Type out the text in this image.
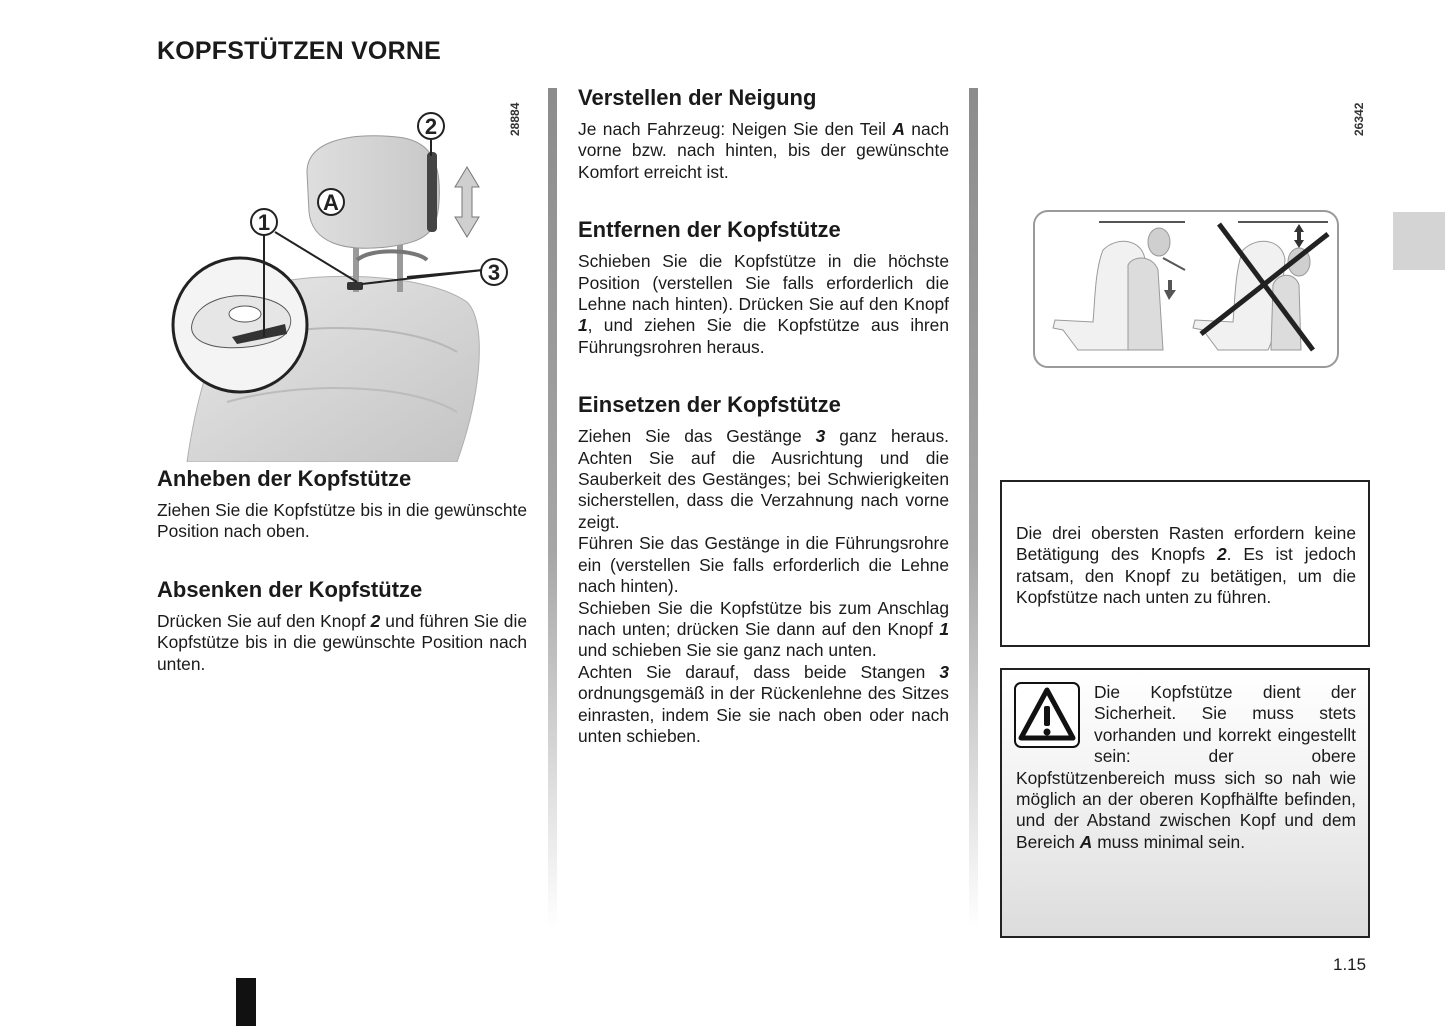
KOPFSTÜTZEN VORNE
1
2
3
A
28884
Anheben der Kopfstütze

Ziehen Sie die Kopfstütze bis in die gewünschte Position nach oben.

Absenken der Kopfstütze

Drücken Sie auf den Knopf 2 und führen Sie die Kopfstütze bis in die gewünschte Position nach unten.

Verstellen der Neigung

Je nach Fahrzeug: Neigen Sie den Teil A nach vorne bzw. nach hinten, bis der gewünschte Komfort erreicht ist.

Entfernen der Kopfstütze

Schieben Sie die Kopfstütze in die höchste Position (verstellen Sie falls erforderlich die Lehne nach hinten). Drücken Sie auf den Knopf 1, und ziehen Sie die Kopfstütze aus ihren Führungsrohren heraus.

Einsetzen der Kopfstütze

Ziehen Sie das Gestänge 3 ganz heraus. Achten Sie auf die Ausrichtung und die Sauberkeit des Gestänges; bei Schwierigkeiten sicherstellen, dass die Verzahnung nach vorne zeigt.

Führen Sie das Gestänge in die Führungsrohre ein (verstellen Sie falls erforderlich die Lehne nach hinten).

Schieben Sie die Kopfstütze bis zum Anschlag nach unten; drücken Sie dann auf den Knopf 1 und schieben Sie sie ganz nach unten.

Achten Sie darauf, dass beide Stangen 3 ordnungsgemäß in der Rückenlehne des Sitzes einrasten, indem Sie sie nach oben oder nach unten schieben.

26342

Die drei obersten Rasten erfordern keine Betätigung des Knopfs 2. Es ist jedoch ratsam, den Knopf zu betätigen, um die Kopfstütze nach unten zu führen.

Die Kopfstütze dient der Sicherheit. Sie muss stets vorhanden und korrekt eingestellt sein: der obere Kopfstützenbereich muss sich so nah wie möglich an der oberen Kopfhälfte befinden, und der Abstand zwischen Kopf und dem Bereich A muss minimal sein.

1.15
